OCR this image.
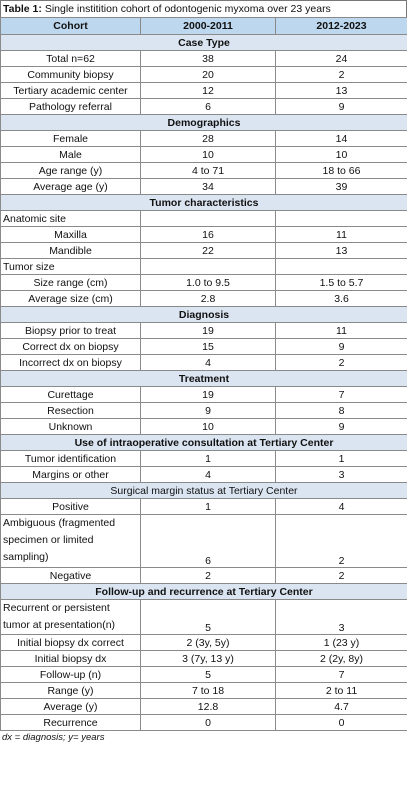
Table 1: Single institition cohort of odontogenic myxoma over 23 years
Cohort	2000-2011	2012-2023
Case Type		
Total n=62	38	24
Community biopsy	20	2
Tertiary academic center	12	13
Pathology referral	6	9
Demographics		
Female	28	14
Male	10	10
Age range (y)	4 to 71	18 to 66
Average age (y)	34	39
Tumor characteristics		
Anatomic site		
Maxilla	16	11
Mandible	22	13
Tumor size		
Size range (cm)	1.0 to 9.5	1.5 to 5.7
Average size (cm)	2.8	3.6
Diagnosis		
Biopsy prior to treat	19	11
Correct dx on biopsy	15	9
Incorrect dx on biopsy	4	2
Treatment		
Curettage	19	7
Resection	9	8
Unknown	10	9
Use of intraoperative consultation at Tertiary Center		
Tumor identification	1	1
Margins or other	4	3
Surgical margin status at Tertiary Center		
Positive	1	4
Ambiguous (fragmented specimen or limited sampling)	6	2
Negative	2	2
Follow-up and recurrence at Tertiary Center		
Recurrent or persistent tumor at presentation(n)	5	3
Initial biopsy dx correct	2 (3y, 5y)	1 (23 y)
Initial biopsy dx	3 (7y, 13 y)	2 (2y, 8y)
Follow-up (n)	5	7
Range (y)	7 to 18	2 to 11
Average (y)	12.8	4.7
Recurrence	0	0
dx = diagnosis; y= years
